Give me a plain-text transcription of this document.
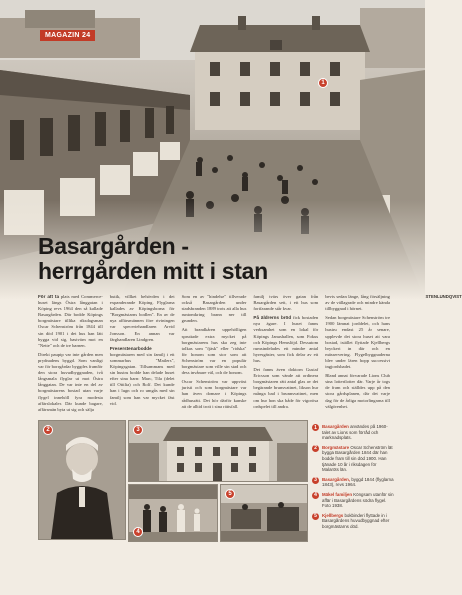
MAGAZIN 24
1
Basargården -
herrgården mitt i stan

För att ta plats med Commerce-huset längs Östra långgatan i Köping revs 1964 den så kallade Basargården. Där bodde Köpings borgmästare tillika riksdagsman Oscar Schenström från 1844 till sin död 1901 i det hus han lätt bygga vid sig, bastvärn mot en "Nette" och de tre barnen.

Direkt paupip var inte gården men prydnadens byggd. Som vanligt var för borrgårdar byggdes framför den stora huvudbyggnaden, två långsmala flyglar ut mot Östra långgatan. De var inte en del av borgmästarens bostad utan varje flygel innehöll fyra modesta affärslokaler. Där kunde bagare, affärsmän byta ut sig och sälja

butik, villket behövden i det expanderande Köping. Flyglarna kallades av Köpingsborna för "Borgmästarns bodlen". En av de nya affärsmännen före riviningen var speceriehandlaren Arvid Jonsson. En annan var färghandlaren Lindgren.

Preserstenarbodde borgmästaren med sin familj i ett sommarhus "Matlers", Köpingsgatan. Tillsammans med sin hustru bodde han delade huset efter sina barn: Marc, Tila (delet till Ottilia) och Rolf. Det kunde han i lugn och ro umgås med sin familj som han var mycket fäst vid.

Som en av "hindelse" tillverade också Basargården under stadsbranden 1889 trots att alla hus runtomkring brann ner till grunden.

Att brandkåren uppehölligen spruttade extra mycket på borgmästarens hus ska zeg inte tolkas som "fjäsk" eller "ridska" för honom som stor som att Schenström var en populär borgmästare som ville sin stad och dess invånare väl, och de honom.

Oscar Schenström var uppväxt juristi och som borgmästare var han även domare i Köpings rådhusrätt. Det hör därför kanske att de alltid trott i sina rättsfall.

familj tvärs över gatan från Basargården sett, i ett hus som fortfarande står kvar.

På äldrerns bröd fick bostaden nya ägare. I huset fanns verksamhet som en lokal för Köpings Janushallen, som Fokus och Köpings Hemslöjd. Dessutom rumsindelades ett mindre antal hyresgäster, som fick delar av ett hus.

Det fanns även doktorn Gustaf Ericsson som vände att ordinera borgmästaren rätt antal glas av det begärande brunsvattnet, likson hur många bad i brunnsvattnet, men om hur hon ska både för vigorösa ordspelet till andra.

bevis sedan länge, lång försäljning av de vällagrade och mindre kända tillbyggnad i hörnet.

Sedan borgmästare Schenström tre 1900 lämnat jorddelet, och hans hustru endast 25 år senare, upplevde det stora huset att vara bostad, istället flyttade Kjellbergs bryckeri in där och en mässervering. Flygelbyggnaderna blev under lären hopp successivt ingjordsbadet.

Bland annat förvarade Lions Club sina lotterilotter där. Varje år togs de fram och ställdes upp på den stora gårdsplanen, där det varje dag för de årliga motorlingarna till välgörenhet.

STENLUNDQVIST
2	3
4
5
1	Basargården användes på 1960-talet av Lions som förråd och marknadsplats.
2	Borgmästare Oscar Schenström lät bygga Basargården 1844 där han bodde fram till sin död 1900. Han tjänade 10 år i riksdagen för Malaröts län.
3	Basargården, byggd 1844 (flyglarna 1843), revs 1964.
4	Mäkel familjen Köngsam utanför sin affär i Basargårdens södra flygel. Foto 1938.
5	Kjellbergs bokbinderi flyttade in i Basargårdens huvudbyggnad efter borgmästarns död.
